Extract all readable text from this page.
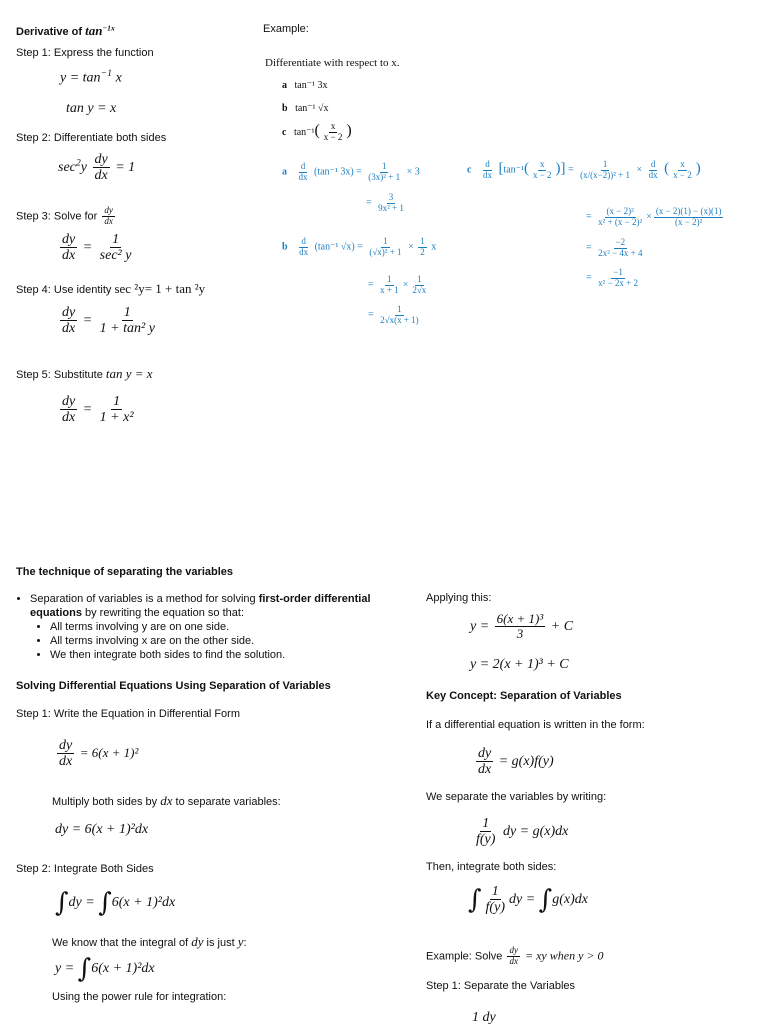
Derivative of $\tan^{-1x}$
Step 1: Express the function
$y = \tan^{-1} x$
tan y = x
Step 2: Differentiate both sides
$\sec^2y \frac{dy}{dx} = 1$
Step 3: Solve for $\frac{dy}{dx}$
$\frac{dy}{dx} = \frac{1}{\text{sec² y}}$
Step 4: Use identity sec ²y= 1 + tan ²y
$\frac{dy}{dx} = \frac{1}{\text{1 + tan² y}}$
Step 5: Substitute tan y = x
$\frac{dy}{dx} = \frac{1}{\text{1 + x²}}$
Example:
Differentiate with respect to x.
a tan⁻¹ 3x
b tan⁻¹ √x
c $\tan^{-1}( \frac{x}{x - 2}$ )
a $\frac{d}{dx} (\tan^{-1}$ $3x) = \frac{1}{\text{(3x)² + 1}} \times 3$
= $\frac{3}{\text{9x² + 1}}$
b $\frac{d}{dx} (\tan^{-1}$ $√x) = \frac{1}{\text{(√x)² + 1}} \times \frac{1}{2}$ x
= $\frac{1}{x + 1} \times \frac{1}{2√x}$
= $\frac{1}{2√x(x + 1)}$
c $\frac{d}{dx} [\tan^{-1}( \frac{x}{x - 2}$ )] = $\frac{1}{\text{(x/(x−2))² + 1}} \times \frac{d}{dx}$ ( $\frac{x}{x - 2}$ )
= $\frac{\text{(x − 2)²}}{\text{x² + (x − 2)²}} \times \frac{(x - 2)(1) - (x)(1)}{\text{(x − 2)²}}$
= $\frac{-2}{\text{2x² − 4x + 4}}$
= $\frac{-1}{\text{x² − 2x + 2}}$
The technique of separating the variables
• Separation of variables is a method for solving first-order differential equations by rewriting the equation so that:
• All terms involving y are on one side.
• All terms involving x are on the other side.
• We then integrate both sides to find the solution.
Solving Differential Equations Using Separation of Variables
Step 1: Write the Equation in Differential Form
$\frac{dy}{dx} = 6(x + 1)^2$
Multiply both sides by dx to separate variables:
dy = 6(x + 1)²dx
Step 2: Integrate Both Sides
∫dy = ∫6(x + 1)²dx
We know that the integral of dy is just y:
y = ∫6(x + 1)²dx
Using the power rule for integration:
Applying this:
$y = \frac{\text{6(x + 1)³}}{3} + C$
y = 2(x + 1)³ + C
Key Concept: Separation of Variables
If a differential equation is written in the form:
$\frac{dy}{dx} = g(x)f(y)$
We separate the variables by writing:
$\frac{1}{f(y)}$ dy = g(x)dx
Then, integrate both sides:
∫ $\frac{1}{f(y)}$ dy = ∫g(x)dx
Example: Solve $\frac{dy}{dx}$ = xy when y > 0
Step 1: Separate the Variables
1 dy
